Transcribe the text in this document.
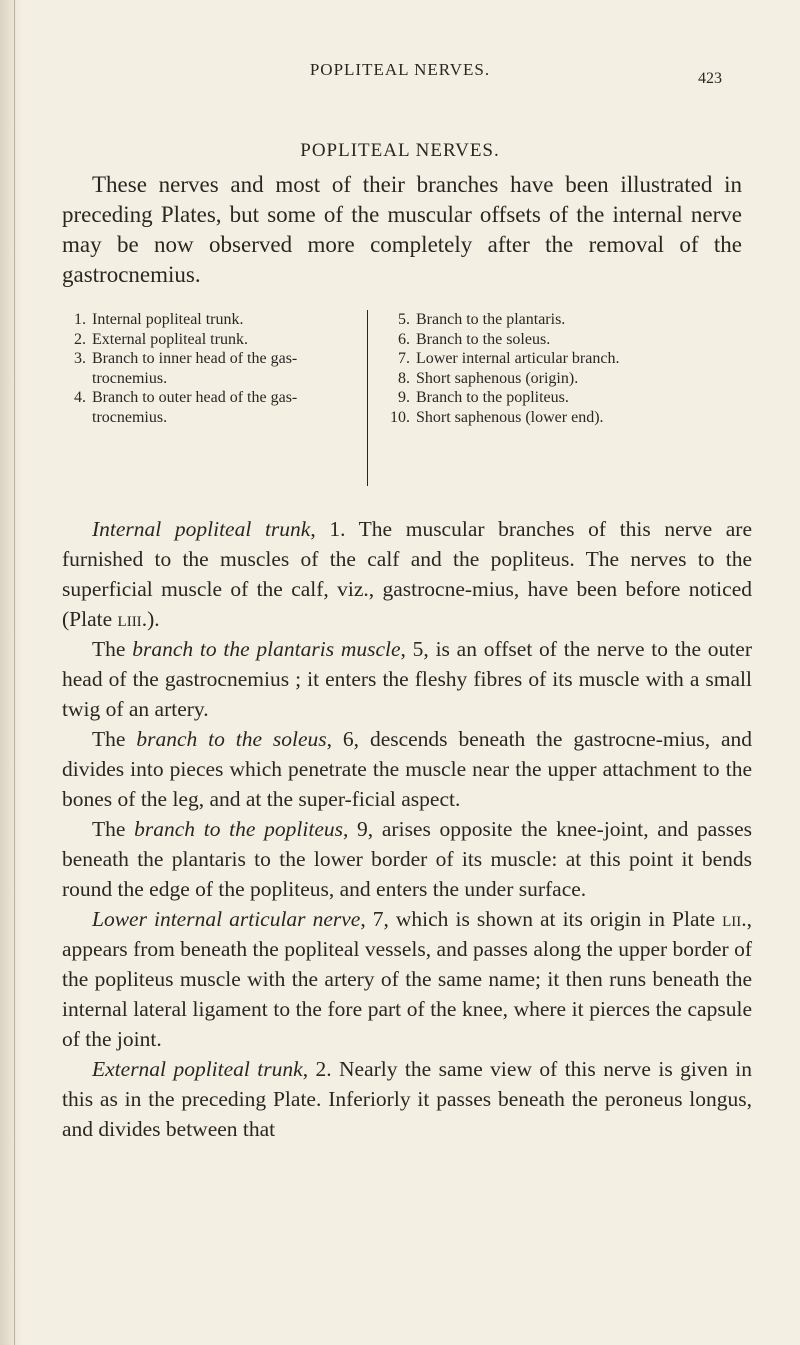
POPLITEAL NERVES.	423
POPLITEAL NERVES.
These nerves and most of their branches have been illustrated in preceding Plates, but some of the muscular offsets of the internal nerve may be now observed more completely after the removal of the gastrocnemius.
1. Internal popliteal trunk.
2. External popliteal trunk.
3. Branch to inner head of the gas-trocnemius.
4. Branch to outer head of the gas-trocnemius.
5. Branch to the plantaris.
6. Branch to the soleus.
7. Lower internal articular branch.
8. Short saphenous (origin).
9. Branch to the popliteus.
10. Short saphenous (lower end).

Internal popliteal trunk, 1. The muscular branches of this nerve are furnished to the muscles of the calf and the popliteus. The nerves to the superficial muscle of the calf, viz., gastrocne-mius, have been before noticed (Plate liii.).

The branch to the plantaris muscle, 5, is an offset of the nerve to the outer head of the gastrocnemius ; it enters the fleshy fibres of its muscle with a small twig of an artery.

The branch to the soleus, 6, descends beneath the gastrocne-mius, and divides into pieces which penetrate the muscle near the upper attachment to the bones of the leg, and at the super-ficial aspect.

The branch to the popliteus, 9, arises opposite the knee-joint, and passes beneath the plantaris to the lower border of its muscle: at this point it bends round the edge of the popliteus, and enters the under surface.

Lower internal articular nerve, 7, which is shown at its origin in Plate lii., appears from beneath the popliteal vessels, and passes along the upper border of the popliteus muscle with the artery of the same name; it then runs beneath the internal lateral ligament to the fore part of the knee, where it pierces the capsule of the joint.

External popliteal trunk, 2. Nearly the same view of this nerve is given in this as in the preceding Plate. Inferiorly it passes beneath the peroneus longus, and divides between that
